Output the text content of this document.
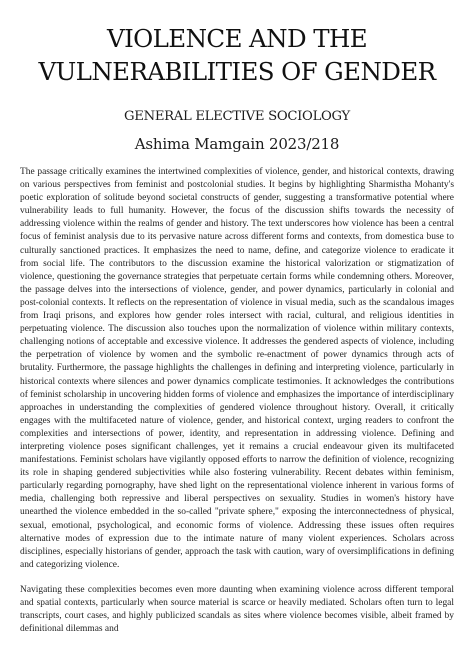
VIOLENCE AND THE
VULNERABILITIES OF GENDER
GENERAL ELECTIVE SOCIOLOGY
Ashima Mamgain 2023/218

The passage critically examines the intertwined complexities of violence, gender, and historical contexts, drawing on various perspectives from feminist and postcolonial studies. It begins by highlighting Sharmistha Mohanty's poetic exploration of solitude beyond societal constructs of gender, suggesting a transformative potential where vulnerability leads to full humanity. However, the focus of the discussion shifts towards the necessity of addressing violence within the realms of gender and history. The text underscores how violence has been a central focus of feminist analysis due to its pervasive nature across different forms and contexts, from domestica buse to culturally sanctioned practices. It emphasizes the need to name, define, and categorize violence to eradicate it from social life. The contributors to the discussion examine the historical valorization or stigmatization of violence, questioning the governance strategies that perpetuate certain forms while condemning others. Moreover, the passage delves into the intersections of violence, gender, and power dynamics, particularly in colonial and post-colonial contexts. It reflects on the representation of violence in visual media, such as the scandalous images from Iraqi prisons, and explores how gender roles intersect with racial, cultural, and religious identities in perpetuating violence. The discussion also touches upon the normalization of violence within military contexts, challenging notions of acceptable and excessive violence. It addresses the gendered aspects of violence, including the perpetration of violence by women and the symbolic re-enactment of power dynamics through acts of brutality. Furthermore, the passage highlights the challenges in defining and interpreting violence, particularly in historical contexts where silences and power dynamics complicate testimonies. It acknowledges the contributions of feminist scholarship in uncovering hidden forms of violence and emphasizes the importance of interdisciplinary approaches in understanding the complexities of gendered violence throughout history. Overall, it critically engages with the multifaceted nature of violence, gender, and historical context, urging readers to confront the complexities and intersections of power, identity, and representation in addressing violence. Defining and interpreting violence poses significant challenges, yet it remains a crucial endeavour given its multifaceted manifestations. Feminist scholars have vigilantly opposed efforts to narrow the definition of violence, recognizing its role in shaping gendered subjectivities while also fostering vulnerability. Recent debates within feminism, particularly regarding pornography, have shed light on the representational violence inherent in various forms of media, challenging both repressive and liberal perspectives on sexuality. Studies in women's history have unearthed the violence embedded in the so-called "private sphere," exposing the interconnectedness of physical, sexual, emotional, psychological, and economic forms of violence. Addressing these issues often requires alternative modes of expression due to the intimate nature of many violent experiences. Scholars across disciplines, especially historians of gender, approach the task with caution, wary of oversimplifications in defining and categorizing violence.

Navigating these complexities becomes even more daunting when examining violence across different temporal and spatial contexts, particularly when source material is scarce or heavily mediated. Scholars often turn to legal transcripts, court cases, and highly publicized scandals as sites where violence becomes visible, albeit framed by definitional dilemmas and
